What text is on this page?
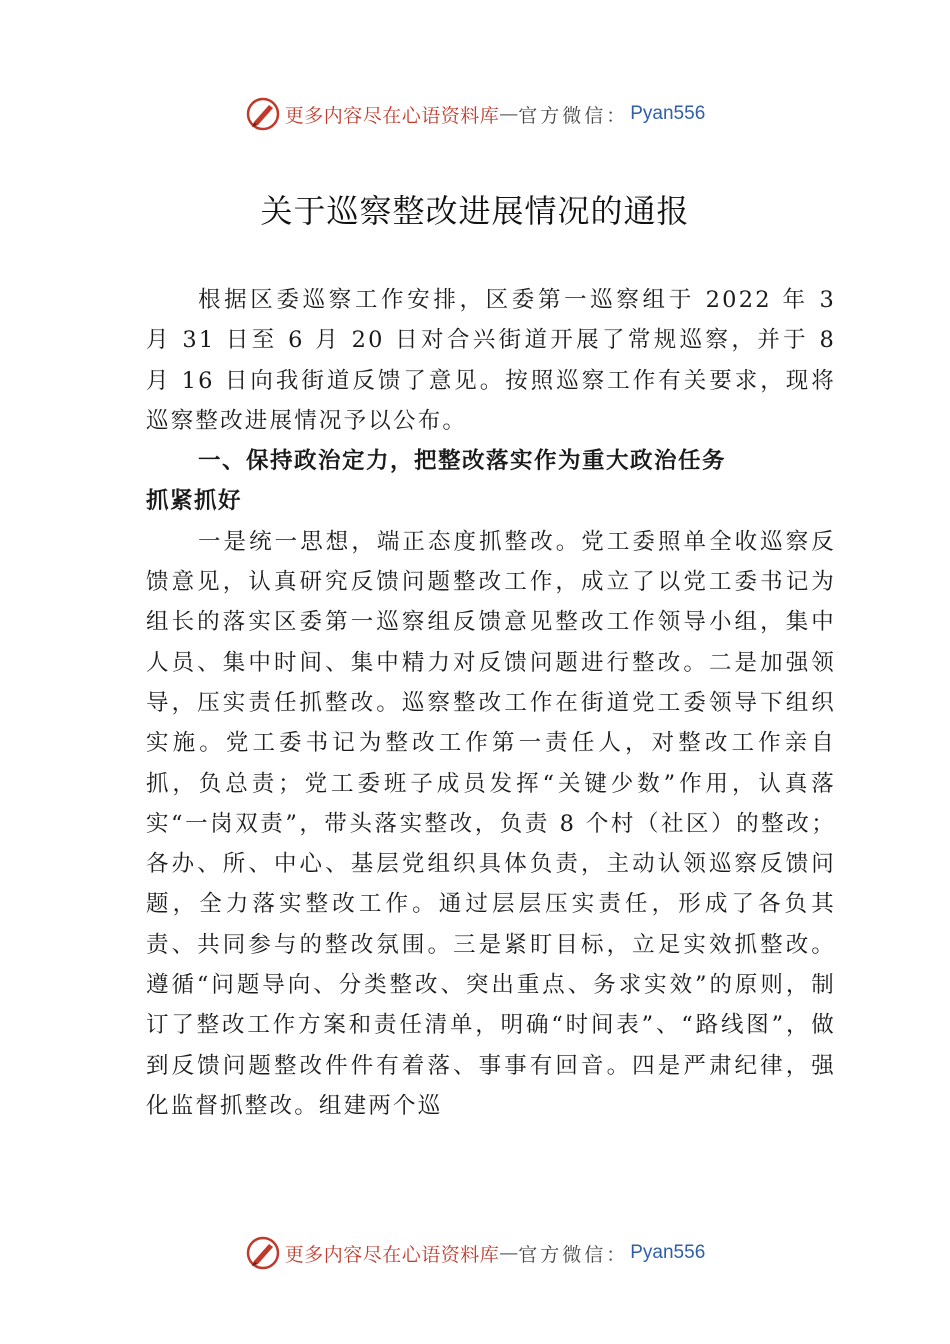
更多内容尽在心语资料库 — 官方微信： Pyan556
关于巡察整改进展情况的通报

根据区委巡察工作安排，区委第一巡察组于 2022 年 3 月 31 日至 6 月 20 日对合兴街道开展了常规巡察，并于 8 月 16 日向我街道反馈了意见。按照巡察工作有关要求，现将巡察整改进展情况予以公布。

一、保持政治定力，把整改落实作为重大政治任务
抓紧抓好

一是统一思想，端正态度抓整改。党工委照单全收巡察反馈意见，认真研究反馈问题整改工作，成立了以党工委书记为组长的落实区委第一巡察组反馈意见整改工作领导小组，集中人员、集中时间、集中精力对反馈问题进行整改。二是加强领导，压实责任抓整改。巡察整改工作在街道党工委领导下组织实施。党工委书记为整改工作第一责任人，对整改工作亲自抓，负总责；党工委班子成员发挥“关键少数”作用，认真落实“一岗双责”，带头落实整改，负责 8 个村（社区）的整改；各办、所、中心、基层党组织具体负责，主动认领巡察反馈问题，全力落实整改工作。通过层层压实责任，形成了各负其责、共同参与的整改氛围。三是紧盯目标，立足实效抓整改。遵循“问题导向、分类整改、突出重点、务求实效”的原则，制订了整改工作方案和责任清单，明确“时间表”、“路线图”，做到反馈问题整改件件有着落、事事有回音。四是严肃纪律，强化监督抓整改。组建两个巡

更多内容尽在心语资料库 — 官方微信： Pyan556
